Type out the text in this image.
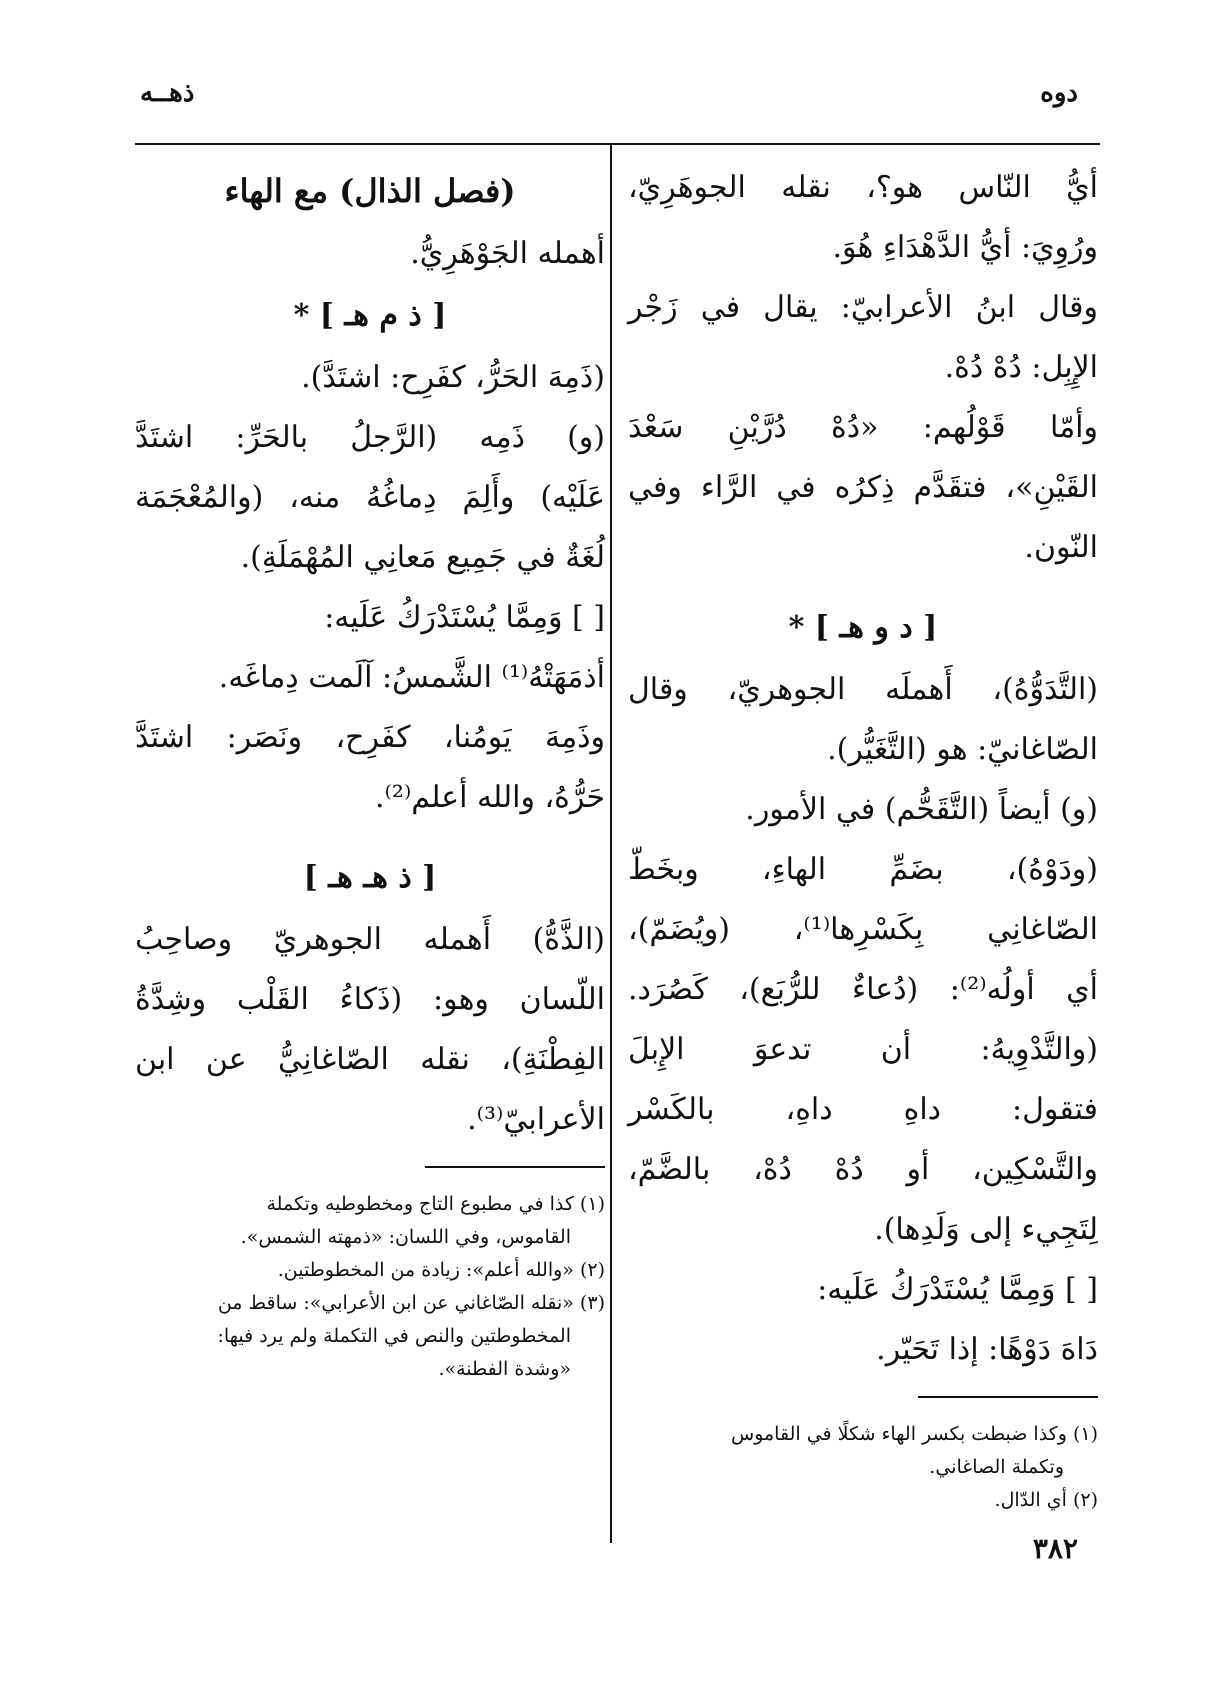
دوه
ذهــه
أيُّ النّاس هو؟، نقله الجوهَرِيّ،
ورُوِيَ: أيُّ الدَّهْدَاءِ هُوَ.
وقال ابنُ الأعرابيّ: يقال في زَجْر
الإِبِل: دُهْ دُهْ.
وأمّا قَوْلُهم: «دُهْ دُرَّيْنِ سَعْدَ
القَيْنِ»، فتقَدَّم ذِكرُه في الرَّاء وفي
النّون.
[ د و هـ ] *
(التَّدَوُّهُ)، أَهملَه الجوهريّ، وقال
الصّاغانيّ: هو (التَّغَيُّر).
(و) أيضاً (التَّقَحُّم) في الأمور.
(ودَوْهُ)، بضَمِّ الهاءِ، وبخَطّ
الصّاغانِي بِكَسْرِها⁽¹⁾، (ويُضَمّ)،
أي أولُه⁽²⁾: (دُعاءٌ للرُّبَع)، كَصُرَد.
(والتَّدْوِيهُ: أن تدعوَ الإِبلَ
فتقول: داهِ داهِ، بالكَسْر
والتَّسْكِين، أو دُهْ دُهْ، بالضَّمّ،
لِتَجِيء إلى وَلَدِها).
[ ] وَمِمَّا يُسْتَدْرَكُ عَلَيه:
دَاهَ دَوْهًا: إذا تَحَيّر.
(١) وكذا ضبطت بكسر الهاء شكلًا في القاموس
وتكملة الصاغاني.
(٢) أي الدّال.
(فصل الذال) مع الهاء
أهمله الجَوْهَرِيُّ.
[ ذ م هـ ] *
(ذَمِهَ الحَرُّ، كفَرِح: اشتَدَّ).
(و) ذَمِه (الرَّجلُ بالحَرِّ: اشتَدَّ
عَلَيْه) وأَلِمَ دِماغُهُ منه، (والمُعْجَمَة
لُغَةٌ في جَمِيع مَعانِي المُهْمَلَةِ).
[ ] وَمِمَّا يُسْتَدْرَكُ عَلَيه:
أذمَهَتْهُ⁽¹⁾ الشَّمسُ: آلَمت دِماغَه.
وذَمِهَ يَومُنا، كفَرِح، ونَصَر: اشتَدَّ
حَرُّهُ، والله أعلم⁽²⁾.
[ ذ هـ هـ ]
(الذَّهُّ) أَهمله الجوهريّ وصاحِبُ
اللّسان وهو: (ذَكاءُ القَلْب وشِدَّةُ
الفِطْنَةِ)، نقله الصّاغانِيُّ عن ابن
الأعرابيّ⁽³⁾.
(١) كذا في مطبوع التاج ومخطوطيه وتكملة
القاموس، وفي اللسان: «ذمهته الشمس».
(٢) «والله أعلم»: زيادة من المخطوطتين.
(٣) «نقله الصّاغاني عن ابن الأعرابي»: ساقط من
المخطوطتين والنص في التكملة ولم يرد فيها:
«وشدة الفطنة».
٣٨٢
